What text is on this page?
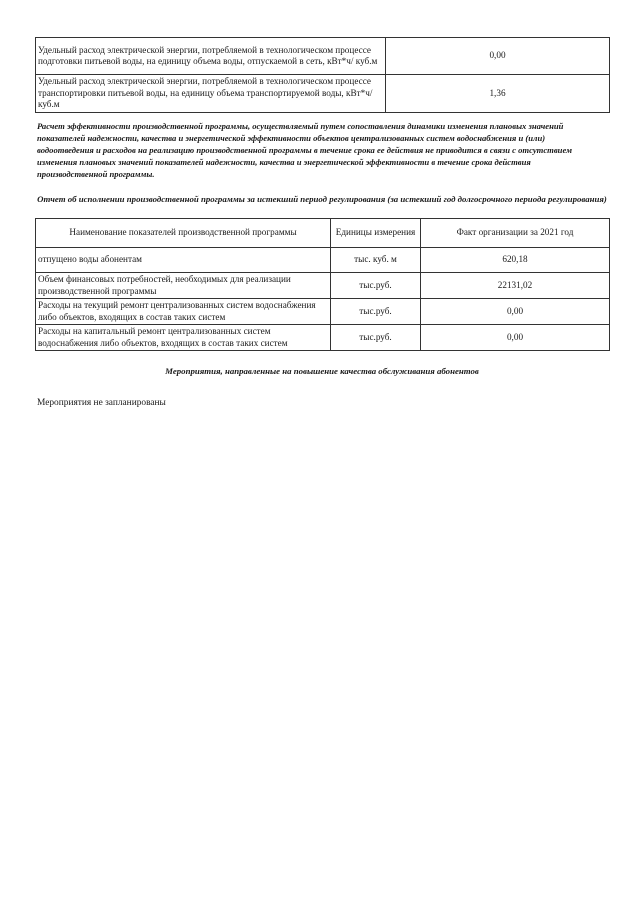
Удельный расход электрической энергии, потребляемой в технологическом процессе подготовки питьевой воды, на единицу объема воды, отпускаемой в сеть, кВт*ч/ куб.м	0,00
Удельный расход электрической энергии, потребляемой в технологическом процессе транспортировки питьевой воды, на единицу объема транспортируемой воды, кВт*ч/ куб.м	1,36

Расчет эффективности производственной программы, осуществляемый путем сопоставления динамики изменения плановых значений показателей надежности, качества и энергетической эффективности объектов централизованных систем водоснабжения и (или) водоотведения и расходов на реализацию производственной программы в течение срока ее действия не приводится в связи с отсутствием изменения плановых значений показателей надежности, качества и энергетической эффективности в течение срока действия производственной программы.

Отчет об исполнении производственной программы за истекший период регулирования (за истекший год долгосрочного периода регулирования)

Наименование показателей производственной программы	Единицы измерения	Факт организации за 2021 год
отпущено воды абонентам	тыс. куб. м	620,18
Объем финансовых потребностей, необходимых для реализации производственной программы	тыс.руб.	22131,02
Расходы на текущий ремонт централизованных систем водоснабжения либо объектов, входящих в состав таких систем	тыс.руб.	0,00
Расходы на капитальный ремонт централизованных систем водоснабжения либо объектов, входящих в состав таких систем	тыс.руб.	0,00

Мероприятия, направленные на повышение качества обслуживания абонентов

Мероприятия не запланированы
